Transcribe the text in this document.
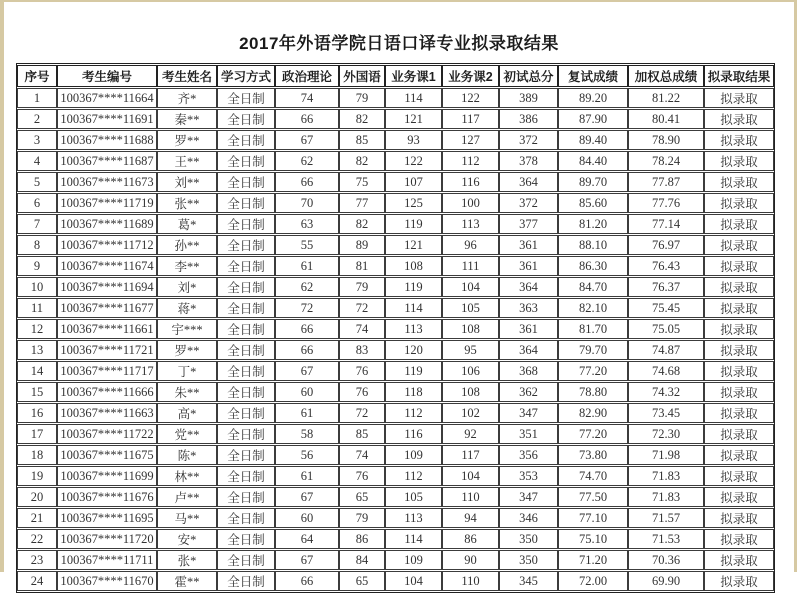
2017年外语学院日语口译专业拟录取结果
序号	考生编号	考生姓名	学习方式	政治理论	外国语	业务课1	业务课2	初试总分	复试成绩	加权总成绩	拟录取结果
1	100367****11664	齐*	全日制	74	79	114	122	389	89.20	81.22	拟录取
2	100367****11691	秦**	全日制	66	82	121	117	386	87.90	80.41	拟录取
3	100367****11688	罗**	全日制	67	85	93	127	372	89.40	78.90	拟录取
4	100367****11687	王**	全日制	62	82	122	112	378	84.40	78.24	拟录取
5	100367****11673	刘**	全日制	66	75	107	116	364	89.70	77.87	拟录取
6	100367****11719	张**	全日制	70	77	125	100	372	85.60	77.76	拟录取
7	100367****11689	葛*	全日制	63	82	119	113	377	81.20	77.14	拟录取
8	100367****11712	孙**	全日制	55	89	121	96	361	88.10	76.97	拟录取
9	100367****11674	李**	全日制	61	81	108	111	361	86.30	76.43	拟录取
10	100367****11694	刘*	全日制	62	79	119	104	364	84.70	76.37	拟录取
11	100367****11677	蒋*	全日制	72	72	114	105	363	82.10	75.45	拟录取
12	100367****11661	宇***	全日制	66	74	113	108	361	81.70	75.05	拟录取
13	100367****11721	罗**	全日制	66	83	120	95	364	79.70	74.87	拟录取
14	100367****11717	丁*	全日制	67	76	119	106	368	77.20	74.68	拟录取
15	100367****11666	朱**	全日制	60	76	118	108	362	78.80	74.32	拟录取
16	100367****11663	高*	全日制	61	72	112	102	347	82.90	73.45	拟录取
17	100367****11722	党**	全日制	58	85	116	92	351	77.20	72.30	拟录取
18	100367****11675	陈*	全日制	56	74	109	117	356	73.80	71.98	拟录取
19	100367****11699	林**	全日制	61	76	112	104	353	74.70	71.83	拟录取
20	100367****11676	卢**	全日制	67	65	105	110	347	77.50	71.83	拟录取
21	100367****11695	马**	全日制	60	79	113	94	346	77.10	71.57	拟录取
22	100367****11720	安*	全日制	64	86	114	86	350	75.10	71.53	拟录取
23	100367****11711	张*	全日制	67	84	109	90	350	71.20	70.36	拟录取
24	100367****11670	霍**	全日制	66	65	104	110	345	72.00	69.90	拟录取
